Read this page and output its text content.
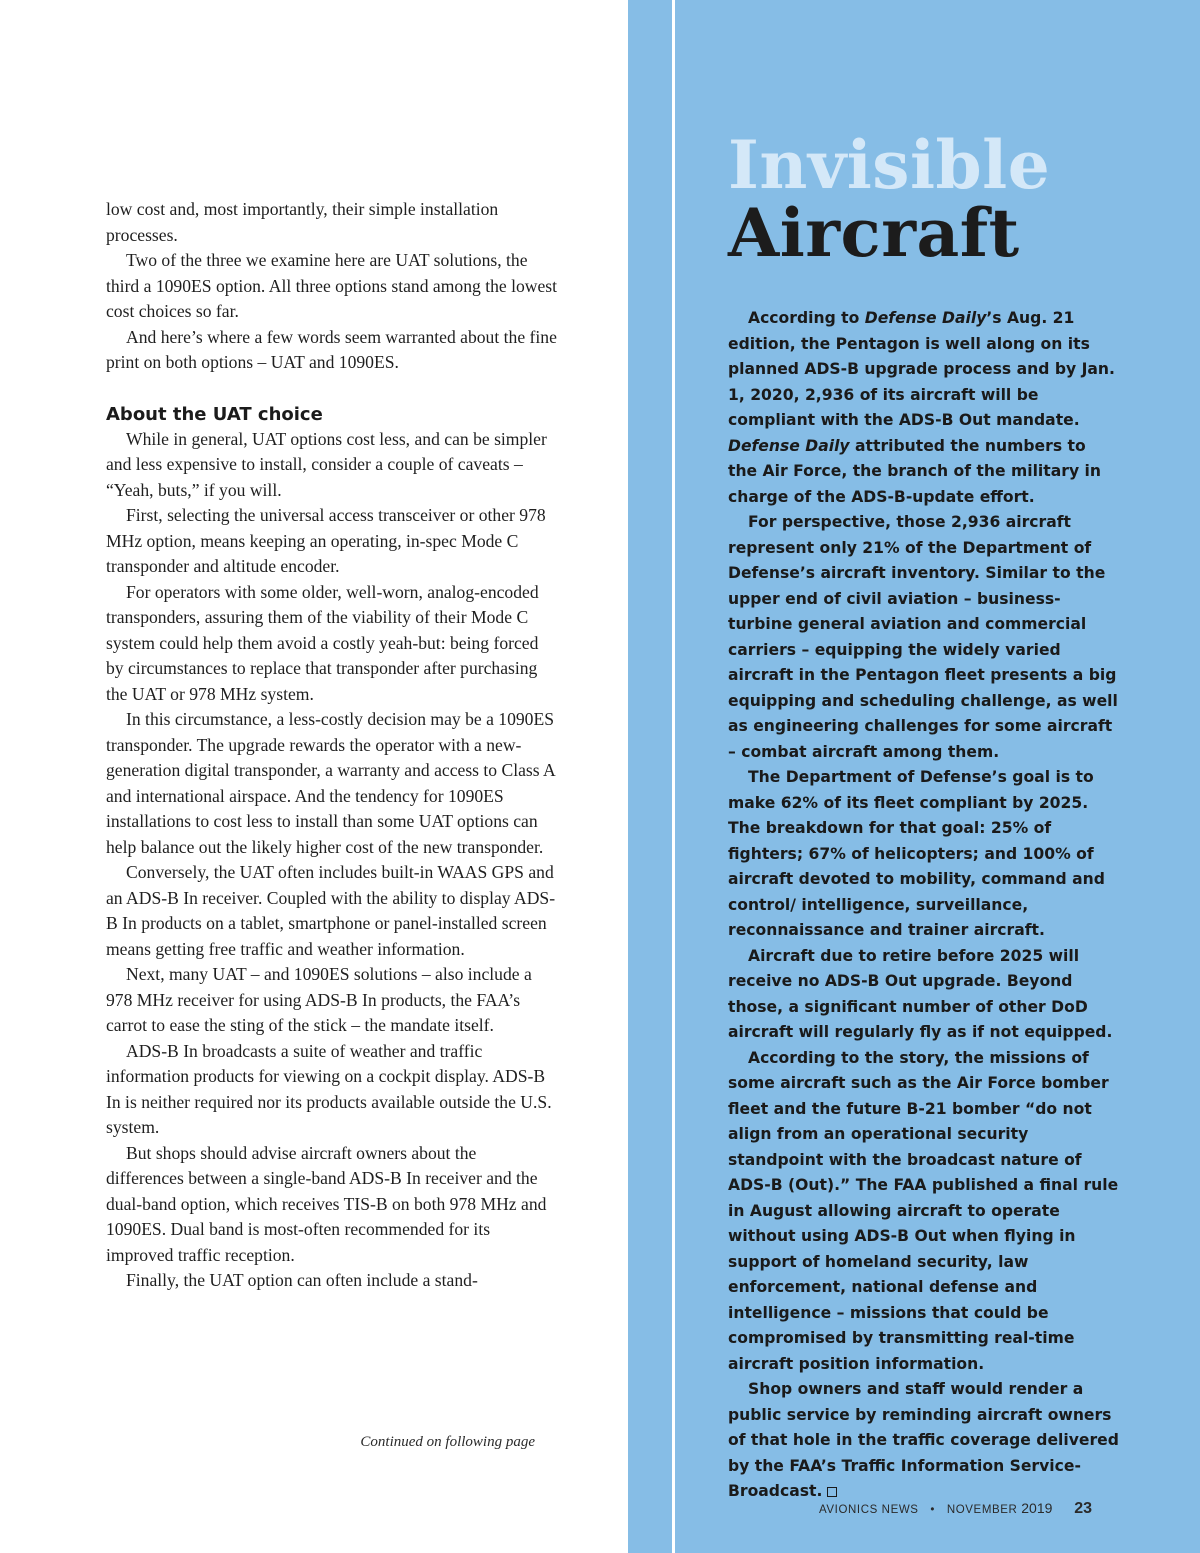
low cost and, most importantly, their simple installation processes.

Two of the three we examine here are UAT solutions, the third a 1090ES option. All three options stand among the lowest cost choices so far.

And here’s where a few words seem warranted about the fine print on both options – UAT and 1090ES.

About the UAT choice

While in general, UAT options cost less, and can be simpler and less expensive to install, consider a couple of caveats – “Yeah, buts,” if you will.

First, selecting the universal access transceiver or other 978 MHz option, means keeping an operating, in-spec Mode C transponder and altitude encoder.

For operators with some older, well-worn, analog-encoded transponders, assuring them of the viability of their Mode C system could help them avoid a costly yeah-but: being forced by circumstances to replace that transponder after purchasing the UAT or 978 MHz system.

In this circumstance, a less-costly decision may be a 1090ES transponder. The upgrade rewards the operator with a new-generation digital transponder, a warranty and access to Class A and international airspace. And the tendency for 1090ES installations to cost less to install than some UAT options can help balance out the likely higher cost of the new transponder.

Conversely, the UAT often includes built-in WAAS GPS and an ADS-B In receiver. Coupled with the ability to display ADS-B In products on a tablet, smartphone or panel-installed screen means getting free traffic and weather information.

Next, many UAT – and 1090ES solutions – also include a 978 MHz receiver for using ADS-B In products, the FAA’s carrot to ease the sting of the stick – the mandate itself.

ADS-B In broadcasts a suite of weather and traffic information products for viewing on a cockpit display. ADS-B In is neither required nor its products available outside the U.S. system.

But shops should advise aircraft owners about the differences between a single-band ADS-B In receiver and the dual-band option, which receives TIS-B on both 978 MHz and 1090ES. Dual band is most-often recommended for its improved traffic reception.

Finally, the UAT option can often include a stand-

Continued on following page
Invisible
Aircraft

According to Defense Daily’s Aug. 21 edition, the Pentagon is well along on its planned ADS-B upgrade process and by Jan. 1, 2020, 2,936 of its aircraft will be compliant with the ADS-B Out mandate. Defense Daily attributed the numbers to the Air Force, the branch of the military in charge of the ADS-B-update effort.

For perspective, those 2,936 aircraft represent only 21% of the Department of Defense’s aircraft inventory. Similar to the upper end of civil aviation – business-turbine general aviation and commercial carriers – equipping the widely varied aircraft in the Pentagon fleet presents a big equipping and scheduling challenge, as well as engineering challenges for some aircraft – combat aircraft among them.

The Department of Defense’s goal is to make 62% of its fleet compliant by 2025. The breakdown for that goal: 25% of fighters; 67% of helicopters; and 100% of aircraft devoted to mobility, command and control/ intelligence, surveillance, reconnaissance and trainer aircraft.

Aircraft due to retire before 2025 will receive no ADS-B Out upgrade. Beyond those, a significant number of other DoD aircraft will regularly fly as if not equipped.

According to the story, the missions of some aircraft such as the Air Force bomber fleet and the future B-21 bomber “do not align from an operational security standpoint with the broadcast nature of ADS-B (Out).” The FAA published a final rule in August allowing aircraft to operate without using ADS-B Out when flying in support of homeland security, law enforcement, national defense and intelligence – missions that could be compromised by transmitting real-time aircraft position information.

Shop owners and staff would render a public service by reminding aircraft owners of that hole in the traffic coverage delivered by the FAA’s Traffic Information Service-Broadcast.

AVIONICS NEWS • NOVEMBER 2019 23
